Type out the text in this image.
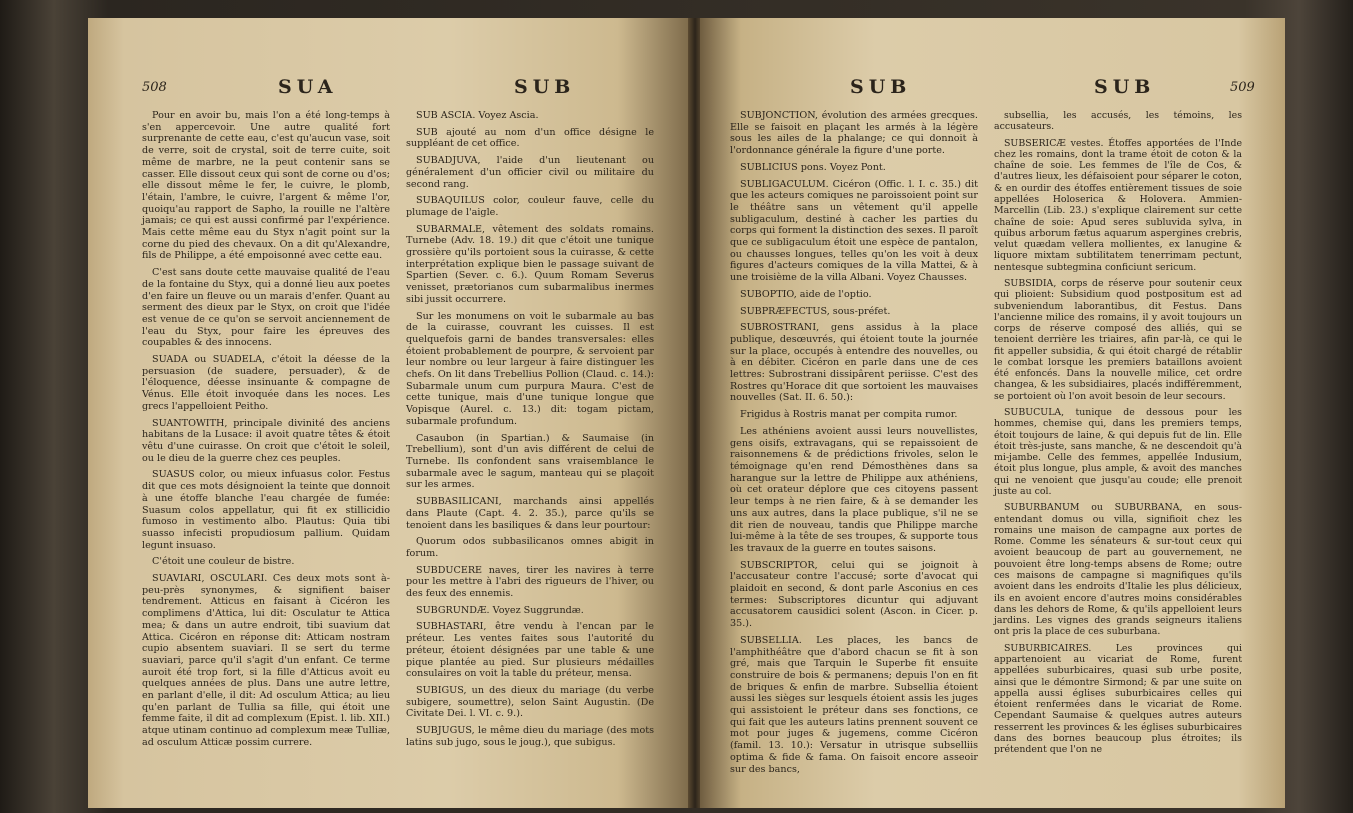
508	SUA	SUB

Pour en avoir bu, mais l'on a été long-temps à s'en appercevoir. Une autre qualité fort surprenante de cette eau, c'est qu'aucun vase, soit de verre, soit de crystal, soit de terre cuite, soit même de marbre, ne la peut contenir sans se casser. Elle dissout ceux qui sont de corne ou d'os; elle dissout même le fer, le cuivre, le plomb, l'étain, l'ambre, le cuivre, l'argent & même l'or, quoiqu'au rapport de Sapho, la rouille ne l'altère jamais; ce qui est aussi confirmé par l'expérience. Mais cette même eau du Styx n'agit point sur la corne du pied des chevaux. On a dit qu'Alexandre, fils de Philippe, a été empoisonné avec cette eau.

C'est sans doute cette mauvaise qualité de l'eau de la fontaine du Styx, qui a donné lieu aux poetes d'en faire un fleuve ou un marais d'enfer. Quant au serment des dieux par le Styx, on croit que l'idée est venue de ce qu'on se servoit anciennement de l'eau du Styx, pour faire les épreuves des coupables & des innocens.

SUADA ou SUADELA, c'étoit la déesse de la persuasion (de suadere, persuader), & de l'éloquence, déesse insinuante & compagne de Vénus. Elle étoit invoquée dans les noces. Les grecs l'appelloient Peitho.

SUANTOWITH, principale divinité des anciens habitans de la Lusace: il avoit quatre têtes & étoit vêtu d'une cuirasse. On croit que c'étoit le soleil, ou le dieu de la guerre chez ces peuples.

SUASUS color, ou mieux infuasus color. Festus dit que ces mots désignoient la teinte que donnoit à une étoffe blanche l'eau chargée de fumée: Suasum colos appellatur, qui fit ex stillicidio fumoso in vestimento albo. Plautus: Quia tibi suasso infecisti propudiosum pallium. Quidam legunt insuaso.

C'étoit une couleur de bistre.

SUAVIARI, OSCULARI. Ces deux mots sont à-peu-près synonymes, & signifient baiser tendrement. Atticus en faisant à Cicéron les complimens d'Attica, lui dit: Osculatur te Attica mea; & dans un autre endroit, tibi suavium dat Attica. Cicéron en réponse dit: Atticam nostram cupio absentem suaviari. Il se sert du terme suaviari, parce qu'il s'agit d'un enfant. Ce terme auroit été trop fort, si la fille d'Atticus avoit eu quelques années de plus. Dans une autre lettre, en parlant d'elle, il dit: Ad osculum Attica; au lieu qu'en parlant de Tullia sa fille, qui étoit une femme faite, il dit ad complexum (Epist. l. lib. XII.) atque utinam continuo ad complexum meæ Tulliæ, ad osculum Atticæ possim currere.

SUB ASCIA. Voyez Ascia.

SUB ajouté au nom d'un office désigne le suppléant de cet office.

SUBADJUVA, l'aide d'un lieutenant ou généralement d'un officier civil ou militaire du second rang.

SUBAQUILUS color, couleur fauve, celle du plumage de l'aigle.

SUBARMALE, vêtement des soldats romains. Turnebe (Adv. 18. 19.) dit que c'étoit une tunique grossière qu'ils portoient sous la cuirasse, & cette interprétation explique bien le passage suivant de Spartien (Sever. c. 6.). Quum Romam Severus venisset, prætorianos cum subarmalibus inermes sibi jussit occurrere.

Sur les monumens on voit le subarmale au bas de la cuirasse, couvrant les cuisses. Il est quelquefois garni de bandes transversales: elles étoient probablement de pourpre, & servoient par leur nombre ou leur largeur à faire distinguer les chefs. On lit dans Trebellius Pollion (Claud. c. 14.): Subarmale unum cum purpura Maura. C'est de cette tunique, mais d'une tunique longue que Vopisque (Aurel. c. 13.) dit: togam pictam, subarmale profundum.

Casaubon (in Spartian.) & Saumaise (in Trebellium), sont d'un avis différent de celui de Turnebe. Ils confondent sans vraisemblance le subarmale avec le sagum, manteau qui se plaçoit sur les armes.

SUBBASILICANI, marchands ainsi appellés dans Plaute (Capt. 4. 2. 35.), parce qu'ils se tenoient dans les basiliques & dans leur pourtour:

Quorum odos subbasilicanos omnes abigit in forum.

SUBDUCERE naves, tirer les navires à terre pour les mettre à l'abri des rigueurs de l'hiver, ou des feux des ennemis.

SUBGRUNDÆ. Voyez Suggrundæ.

SUBHASTARI, être vendu à l'encan par le préteur. Les ventes faites sous l'autorité du préteur, étoient désignées par une table & une pique plantée au pied. Sur plusieurs médailles consulaires on voit la table du préteur, mensa.

SUBIGUS, un des dieux du mariage (du verbe subigere, soumettre), selon Saint Augustin. (De Civitate Dei. l. VI. c. 9.).

SUBJUGUS, le même dieu du mariage (des mots latins sub jugo, sous le joug.), que subigus.

SUB	SUB	509

SUBJONCTION, évolution des armées grecques. Elle se faisoit en plaçant les armés à la légère sous les ailes de la phalange; ce qui donnoit à l'ordonnance générale la figure d'une porte.

SUBLICIUS pons. Voyez Pont.

SUBLIGACULUM. Cicéron (Offic. l. I. c. 35.) dit que les acteurs comiques ne paroissoient point sur le théâtre sans un vêtement qu'il appelle subligaculum, destiné à cacher les parties du corps qui forment la distinction des sexes. Il paroît que ce subligaculum étoit une espèce de pantalon, ou chausses longues, telles qu'on les voit à deux figures d'acteurs comiques de la villa Mattei, & à une troisième de la villa Albani. Voyez Chausses.

SUBOPTIO, aide de l'optio.

SUBPRÆFECTUS, sous-préfet.

SUBROSTRANI, gens assidus à la place publique, desœuvrés, qui étoient toute la journée sur la place, occupés à entendre des nouvelles, ou à en débiter. Cicéron en parle dans une de ces lettres: Subrostrani dissipârent periisse. C'est des Rostres qu'Horace dit que sortoient les mauvaises nouvelles (Sat. II. 6. 50.):

Frigidus à Rostris manat per compita rumor.

Les athéniens avoient aussi leurs nouvellistes, gens oisifs, extravagans, qui se repaissoient de raisonnemens & de prédictions frivoles, selon le témoignage qu'en rend Démosthènes dans sa harangue sur la lettre de Philippe aux athéniens, où cet orateur déplore que ces citoyens passent leur temps à ne rien faire, & à se demander les uns aux autres, dans la place publique, s'il ne se dit rien de nouveau, tandis que Philippe marche lui-même à la tête de ses troupes, & supporte tous les travaux de la guerre en toutes saisons.

SUBSCRIPTOR, celui qui se joignoit à l'accusateur contre l'accusé; sorte d'avocat qui plaidoit en second, & dont parle Asconius en ces termes: Subscriptores dicuntur qui adjuvant accusatorem causidici solent (Ascon. in Cicer. p. 35.).

SUBSELLIA. Les places, les bancs de l'amphithéâtre que d'abord chacun se fit à son gré, mais que Tarquin le Superbe fit ensuite construire de bois & permanens; depuis l'on en fit de briques & enfin de marbre. Subsellia étoient aussi les sièges sur lesquels étoient assis les juges qui assistoient le préteur dans ses fonctions, ce qui fait que les auteurs latins prennent souvent ce mot pour juges & jugemens, comme Cicéron (famil. 13. 10.): Versatur in utrisque subselliis optima & fide & fama. On faisoit encore asseoir sur des bancs,

subsellia, les accusés, les témoins, les accusateurs.

SUBSERICÆ vestes. Étoffes apportées de l'Inde chez les romains, dont la trame étoit de coton & la chaîne de soie. Les femmes de l'île de Cos, & d'autres lieux, les défaisoient pour séparer le coton, & en ourdir des étoffes entièrement tissues de soie appellées Holoserica & Holovera. Ammien-Marcellin (Lib. 23.) s'explique clairement sur cette chaîne de soie: Apud seres subluvida sylva, in quibus arborum fætus aquarum aspergines crebris, velut quædam vellera mollientes, ex lanugine & liquore mixtam subtilitatem tenerrimam pectunt, nentesque subtegmina conficiunt sericum.

SUBSIDIA, corps de réserve pour soutenir ceux qui plioient: Subsidium quod postpositum est ad subveniendum laborantibus, dit Festus. Dans l'ancienne milice des romains, il y avoit toujours un corps de réserve composé des alliés, qui se tenoient derrière les triaires, afin par-là, ce qui le fit appeller subsidia, & qui étoit chargé de rétablir le combat lorsque les premiers bataillons avoient été enfoncés. Dans la nouvelle milice, cet ordre changea, & les subsidiaires, placés indifféremment, se portoient où l'on avoit besoin de leur secours.

SUBUCULA, tunique de dessous pour les hommes, chemise qui, dans les premiers temps, étoit toujours de laine, & qui depuis fut de lin. Elle étoit très-juste, sans manche, & ne descendoit qu'à mi-jambe. Celle des femmes, appellée Indusium, étoit plus longue, plus ample, & avoit des manches qui ne venoient que jusqu'au coude; elle prenoit juste au col.

SUBURBANUM ou SUBURBANA, en sous-entendant domus ou villa, signifioit chez les romains une maison de campagne aux portes de Rome. Comme les sénateurs & sur-tout ceux qui avoient beaucoup de part au gouvernement, ne pouvoient être long-temps absens de Rome; outre ces maisons de campagne si magnifiques qu'ils avoient dans les endroits d'Italie les plus délicieux, ils en avoient encore d'autres moins considérables dans les dehors de Rome, & qu'ils appelloient leurs jardins. Les vignes des grands seigneurs italiens ont pris la place de ces suburbana.

SUBURBICAIRES. Les provinces qui appartenoient au vicariat de Rome, furent appellées suburbicaires, quasi sub urbe posite, ainsi que le démontre Sirmond; & par une suite on appella aussi églises suburbicaires celles qui étoient renfermées dans le vicariat de Rome. Cependant Saumaise & quelques autres auteurs resserrent les provinces & les églises suburbicaires dans des bornes beaucoup plus étroites; ils prétendent que l'on ne
